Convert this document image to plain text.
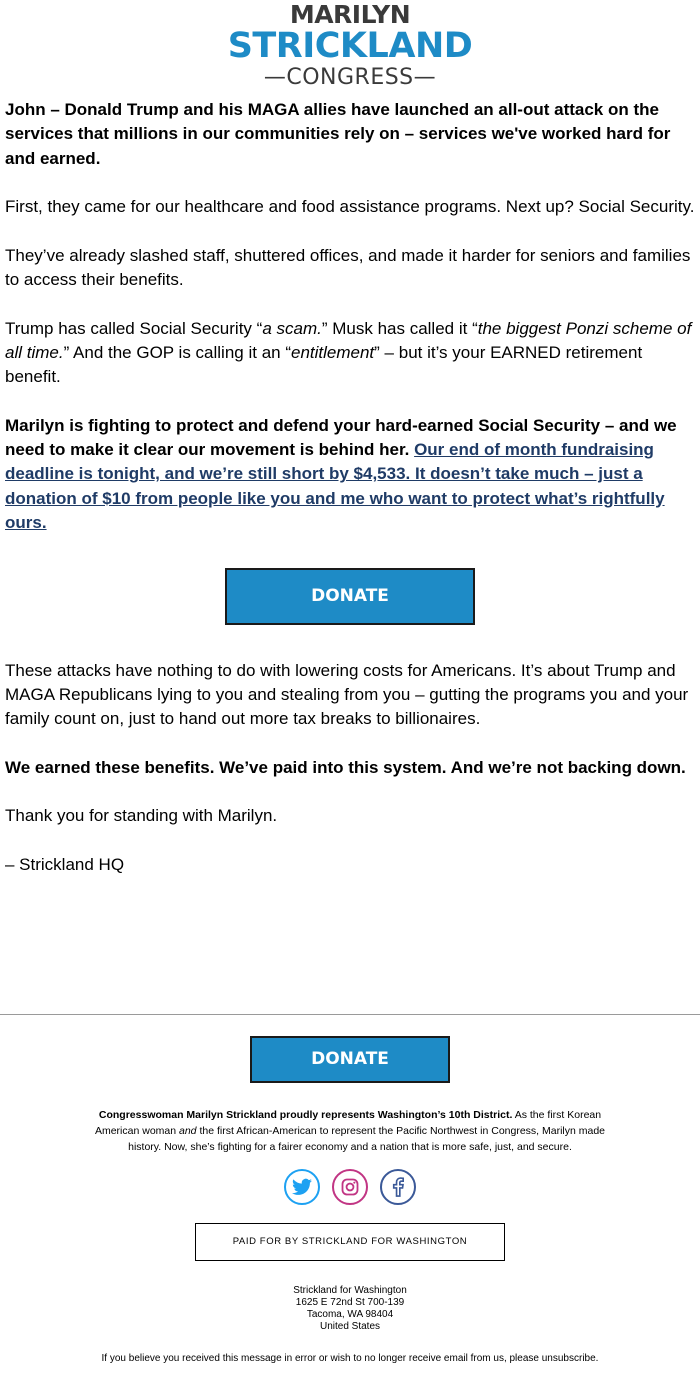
MARILYN
STRICKLAND
—CONGRESS—

John – Donald Trump and his MAGA allies have launched an all-out attack on the services that millions in our communities rely on – services we've worked hard for and earned.

First, they came for our healthcare and food assistance programs. Next up? Social Security.

They’ve already slashed staff, shuttered offices, and made it harder for seniors and families to access their benefits.

Trump has called Social Security “a scam.” Musk has called it “the biggest Ponzi scheme of all time.” And the GOP is calling it an “entitlement” – but it’s your EARNED retirement benefit.

Marilyn is fighting to protect and defend your hard-earned Social Security – and we need to make it clear our movement is behind her. Our end of month fundraising deadline is tonight, and we’re still short by $4,533. It doesn’t take much – just a donation of $10 from people like you and me who want to protect what’s rightfully ours.

DONATE

These attacks have nothing to do with lowering costs for Americans. It’s about Trump and MAGA Republicans lying to you and stealing from you – gutting the programs you and your family count on, just to hand out more tax breaks to billionaires.

We earned these benefits. We’ve paid into this system. And we’re not backing down.

Thank you for standing with Marilyn.

– Strickland HQ

DONATE
Congresswoman Marilyn Strickland proudly represents Washington’s 10th District. As the first Korean American woman and the first African-American to represent the Pacific Northwest in Congress, Marilyn made history. Now, she’s fighting for a fairer economy and a nation that is more safe, just, and secure.

PAID FOR BY STRICKLAND FOR WASHINGTON
Strickland for Washington
1625 E 72nd St 700-139
Tacoma, WA 98404
United States
If you believe you received this message in error or wish to no longer receive email from us, please unsubscribe.
